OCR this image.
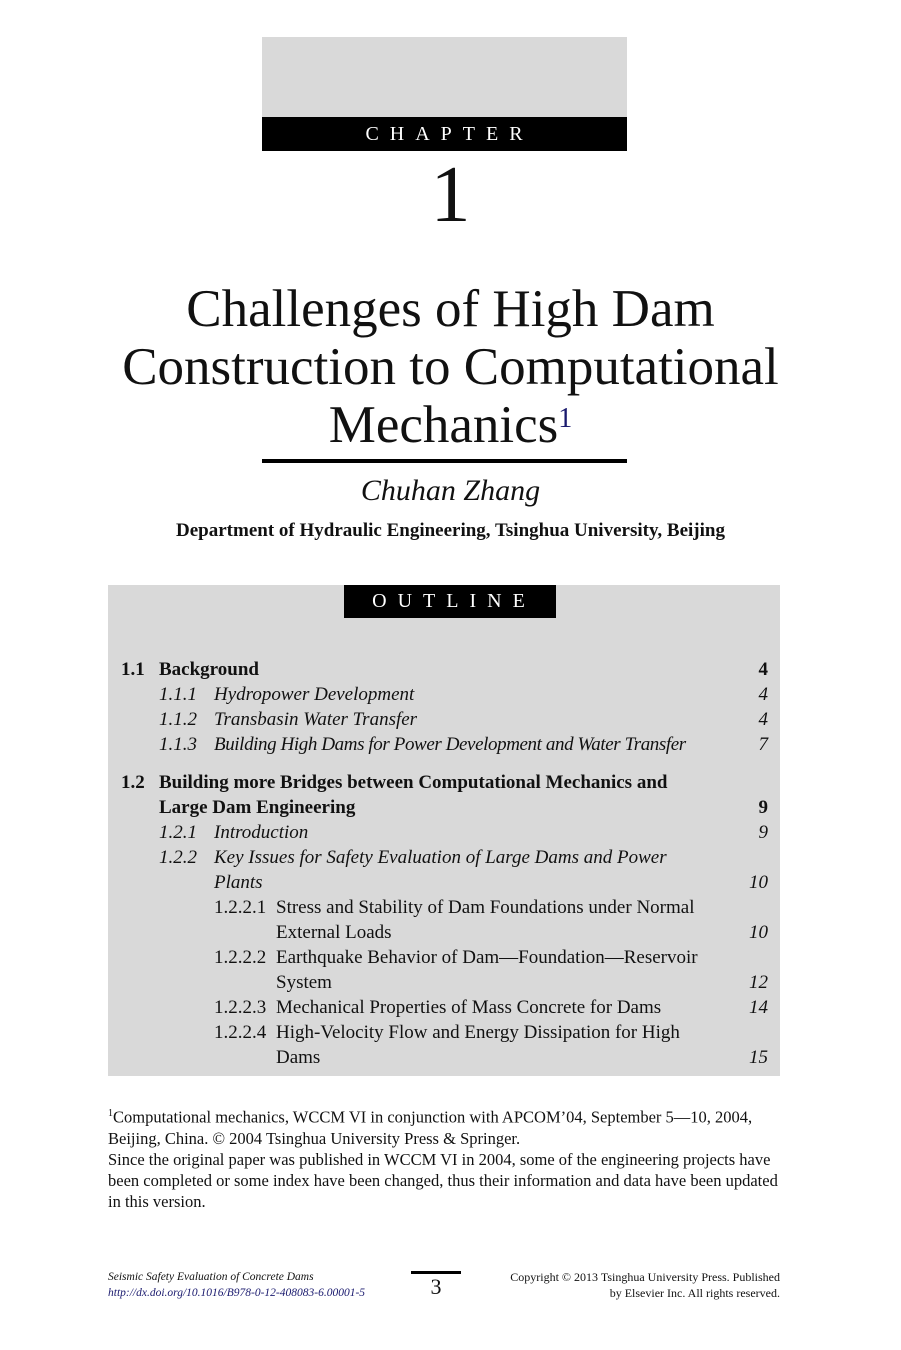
CHAPTER
1
Challenges of High Dam
Construction to Computational
Mechanics$^1$
Chuhan Zhang
Department of Hydraulic Engineering, Tsinghua University, Beijing
OUTLINE
1.1 Background	4
1.1.1 Hydropower Development	4
1.1.2 Transbasin Water Transfer	4
1.1.3 Building High Dams for Power Development and Water Transfer	7
1.2 Building more Bridges between Computational Mechanics and
Large Dam Engineering	9
1.2.1 Introduction	9
1.2.2 Key Issues for Safety Evaluation of Large Dams and Power
Plants	10
1.2.2.1 Stress and Stability of Dam Foundations under Normal
External Loads	10
1.2.2.2 Earthquake Behavior of Dam—Foundation—Reservoir
System	12
1.2.2.3 Mechanical Properties of Mass Concrete for Dams	14
1.2.2.4 High-Velocity Flow and Energy Dissipation for High
Dams	15
$^1$Computational mechanics, WCCM VI in conjunction with APCOM’04, September 5—10, 2004, Beijing, China. © 2004 Tsinghua University Press & Springer.
Since the original paper was published in WCCM VI in 2004, some of the engineering projects have been completed or some index have been changed, thus their information and data have been updated in this version.
Seismic Safety Evaluation of Concrete Dams
http://dx.doi.org/10.1016/B978-0-12-408083-6.00001-5	3	Copyright © 2013 Tsinghua University Press. Published
by Elsevier Inc. All rights reserved.
